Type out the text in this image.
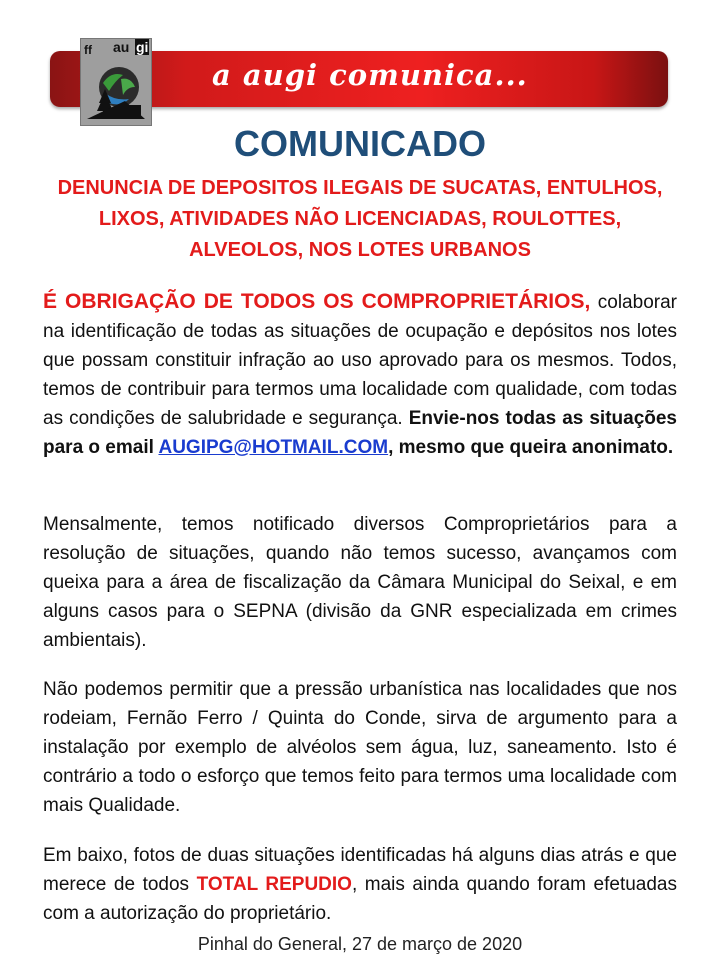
a augi comunica...
ff au gi
COMUNICADO
DENUNCIA DE DEPOSITOS ILEGAIS DE SUCATAS, ENTULHOS, LIXOS, ATIVIDADES NÃO LICENCIADAS, ROULOTTES, ALVEOLOS, NOS LOTES URBANOS

É OBRIGAÇÃO DE TODOS OS COMPROPRIETÁRIOS, colaborar na identificação de todas as situações de ocupação e depósitos nos lotes que possam constituir infração ao uso aprovado para os mesmos. Todos, temos de contribuir para termos uma localidade com qualidade, com todas as condições de salubridade e segurança. Envie-nos todas as situações para o email AUGIPG@HOTMAIL.COM, mesmo que queira anonimato.

Mensalmente, temos notificado diversos Comproprietários para a resolução de situações, quando não temos sucesso, avançamos com queixa para a área de fiscalização da Câmara Municipal do Seixal, e em alguns casos para o SEPNA (divisão da GNR especializada em crimes ambientais).

Não podemos permitir que a pressão urbanística nas localidades que nos rodeiam, Fernão Ferro / Quinta do Conde, sirva de argumento para a instalação por exemplo de alvéolos sem água, luz, saneamento. Isto é contrário a todo o esforço que temos feito para termos uma localidade com mais Qualidade.

Em baixo, fotos de duas situações identificadas há alguns dias atrás e que merece de todos TOTAL REPUDIO, mais ainda quando foram efetuadas com a autorização do proprietário.

Pinhal do General, 27 de março de 2020
